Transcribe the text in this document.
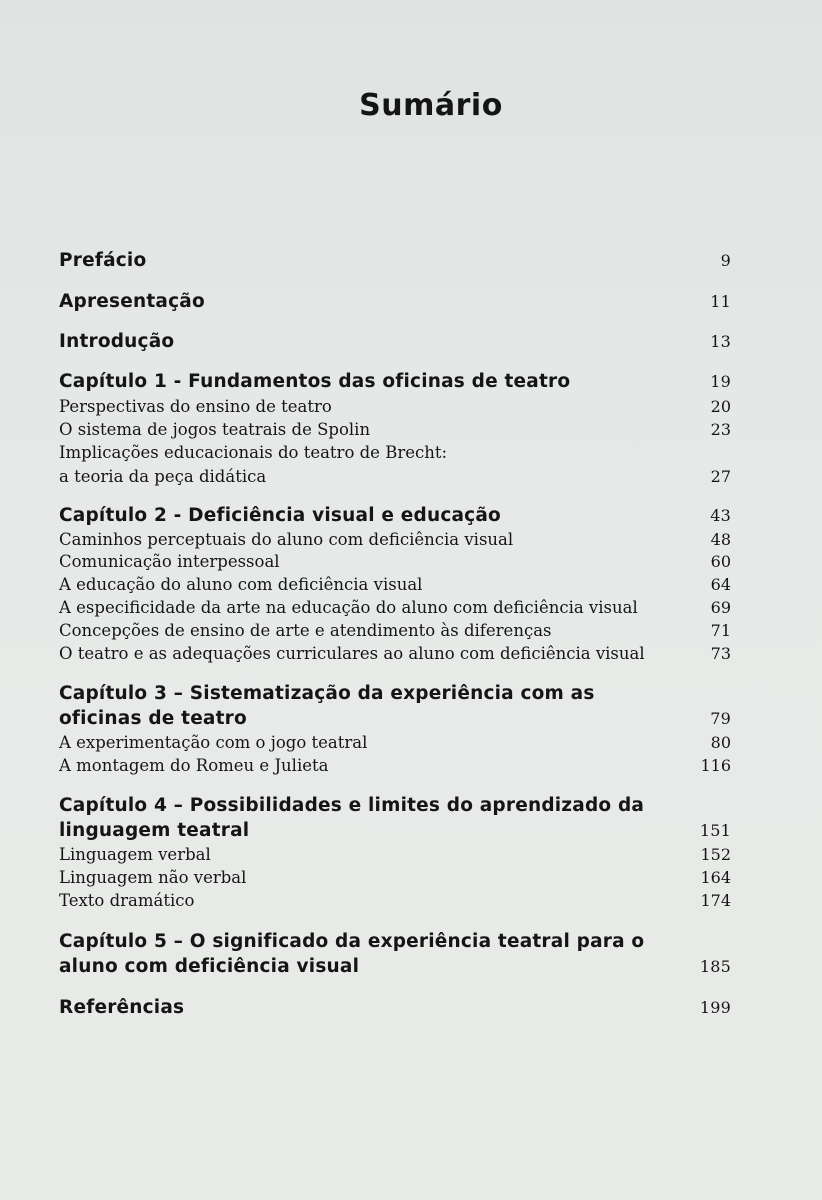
Sumário
Prefácio	9
Apresentação	11
Introdução	13
Capítulo 1 - Fundamentos das oficinas de teatro	19
Perspectivas do ensino de teatro	20
O sistema de jogos teatrais de Spolin	23
Implicações educacionais do teatro de Brecht:
a teoria da peça didática	27
Capítulo 2 - Deficiência visual e educação	43
Caminhos perceptuais do aluno com deficiência visual	48
Comunicação interpessoal	60
A educação do aluno com deficiência visual	64
A especificidade da arte na educação do aluno com deficiência visual	69
Concepções de ensino de arte e atendimento às diferenças	71
O teatro e as adequações curriculares ao aluno com deficiência visual	73
Capítulo 3 – Sistematização da experiência com as
oficinas de teatro	79
A experimentação com o jogo teatral	80
A montagem do Romeu e Julieta	116
Capítulo 4 – Possibilidades e limites do aprendizado da
linguagem teatral	151
Linguagem verbal	152
Linguagem não verbal	164
Texto dramático	174
Capítulo 5 – O significado da experiência teatral para o
aluno com deficiência visual	185
Referências	199
